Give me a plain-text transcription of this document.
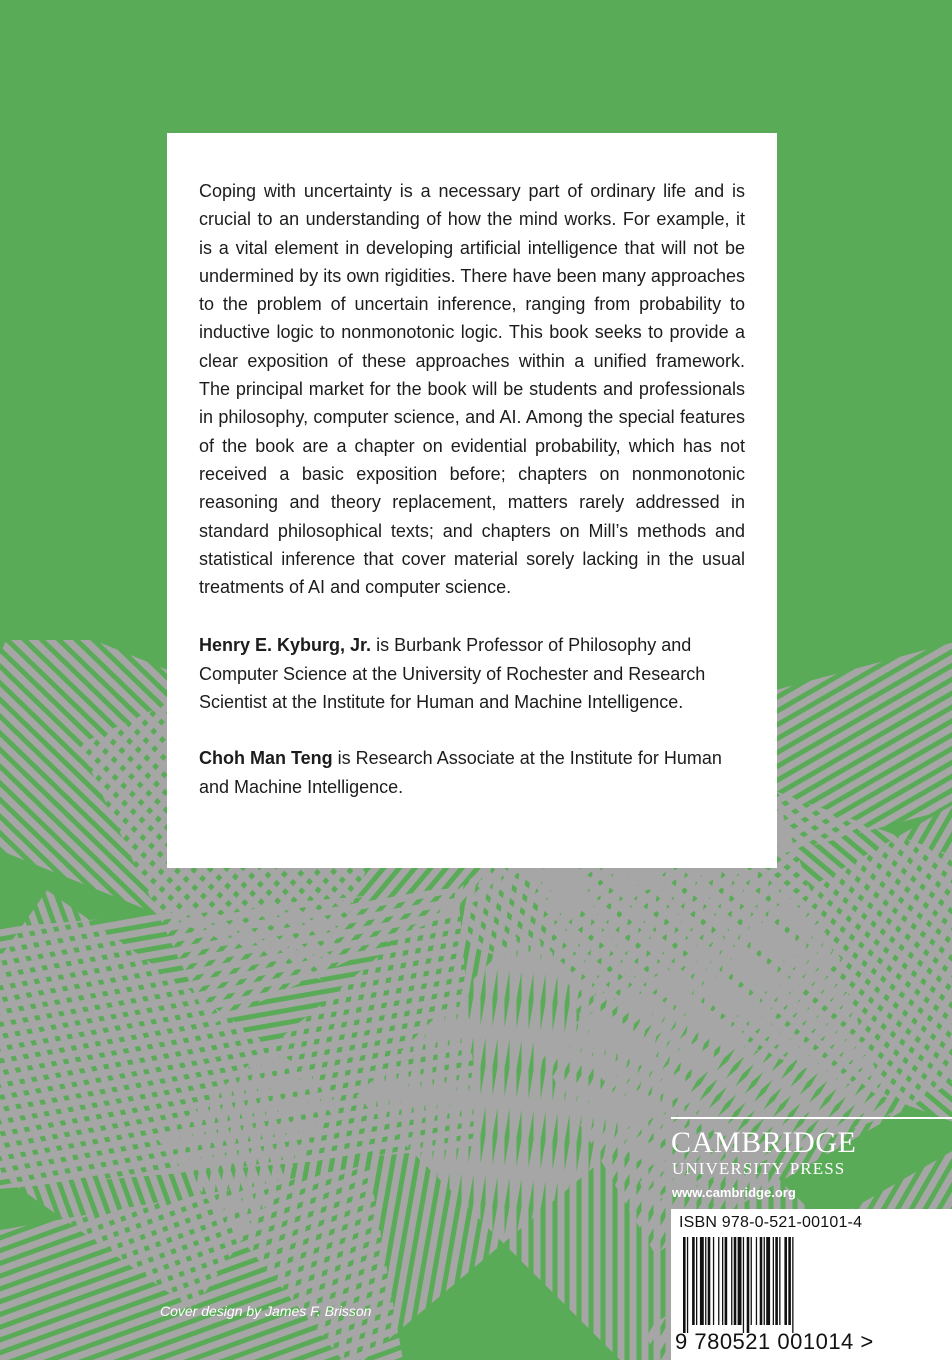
Coping with uncertainty is a necessary part of ordinary life and is crucial to an understanding of how the mind works. For example, it is a vital element in developing artificial intelligence that will not be undermined by its own rigidities. There have been many approaches to the problem of uncertain inference, ranging from probability to inductive logic to nonmonotonic logic. This book seeks to provide a clear exposition of these approaches within a unified framework. The principal market for the book will be students and professionals in philosophy, computer science, and AI. Among the special features of the book are a chapter on evidential probability, which has not received a basic exposition before; chapters on nonmonotonic reasoning and theory replacement, matters rarely addressed in standard philosophical texts; and chapters on Mill’s methods and statistical inference that cover material sorely lacking in the usual treatments of AI and computer science.

Henry E. Kyburg, Jr. is Burbank Professor of Philosophy and Computer Science at the University of Rochester and Research Scientist at the Institute for Human and Machine Intelligence.

Choh Man Teng is Research Associate at the Institute for Human and Machine Intelligence.

CAMBRIDGE
UNIVERSITY PRESS
www.cambridge.org
ISBN 978-0-521-00101-4
9 780521 001014 >
Cover design by James F. Brisson
